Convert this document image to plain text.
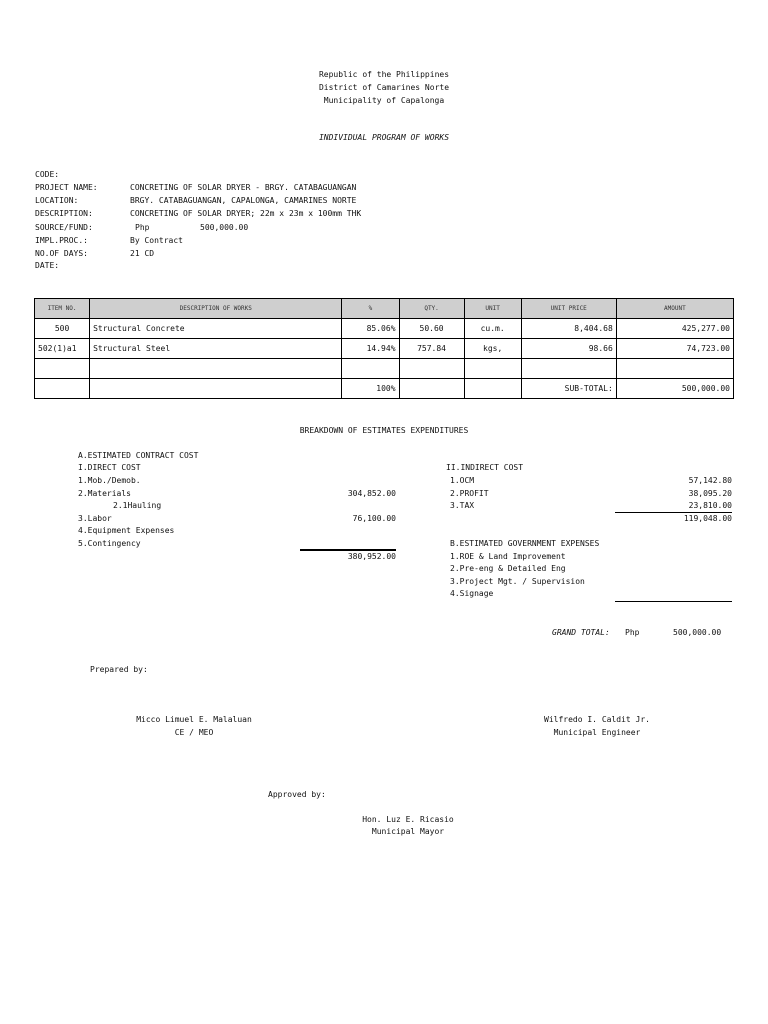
Republic of the Philippines
District of Camarines Norte
Municipality of Capalonga
INDIVIDUAL PROGRAM OF WORKS
CODE:
PROJECT NAME:	CONCRETING OF SOLAR DRYER - BRGY. CATABAGUANGAN
LOCATION:	BRGY. CATABAGUANGAN, CAPALONGA, CAMARINES NORTE
DESCRIPTION:	CONCRETING OF SOLAR DRYER; 22m x 23m x 100mm THK
SOURCE/FUND:	Php	500,000.00
IMPL.PROC.:	By Contract
NO.OF DAYS:	21 CD
DATE:
ITEM NO.	DESCRIPTION OF WORKS	%	QTY.	UNIT	UNIT PRICE	AMOUNT
500	Structural Concrete	85.06%	50.60	cu.m.	8,404.68	425,277.00
502(1)a1	Structural Steel	14.94%	757.84	kgs,	98.66	74,723.00

		100%			SUB-TOTAL:	500,000.00
BREAKDOWN OF ESTIMATES EXPENDITURES
A.ESTIMATED CONTRACT COST
I.DIRECT COST
1.Mob./Demob.
2.Materials	304,852.00
2.1Hauling
3.Labor	76,100.00
4.Equipment Expenses
5.Contingency
380,952.00
II.INDIRECT COST
1.OCM	57,142.80
2.PROFIT	38,095.20
3.TAX	23,810.00
119,048.00
B.ESTIMATED GOVERNMENT EXPENSES
1.ROE & Land Improvement
2.Pre-eng & Detailed Eng
3.Project Mgt. / Supervision
4.Signage
GRAND TOTAL: Php	500,000.00
Prepared by:
Micco Limuel E. Malaluan
CE / MEO
Wilfredo I. Caldit Jr.
Municipal Engineer
Approved by:
Hon. Luz E. Ricasio
Municipal Mayor
